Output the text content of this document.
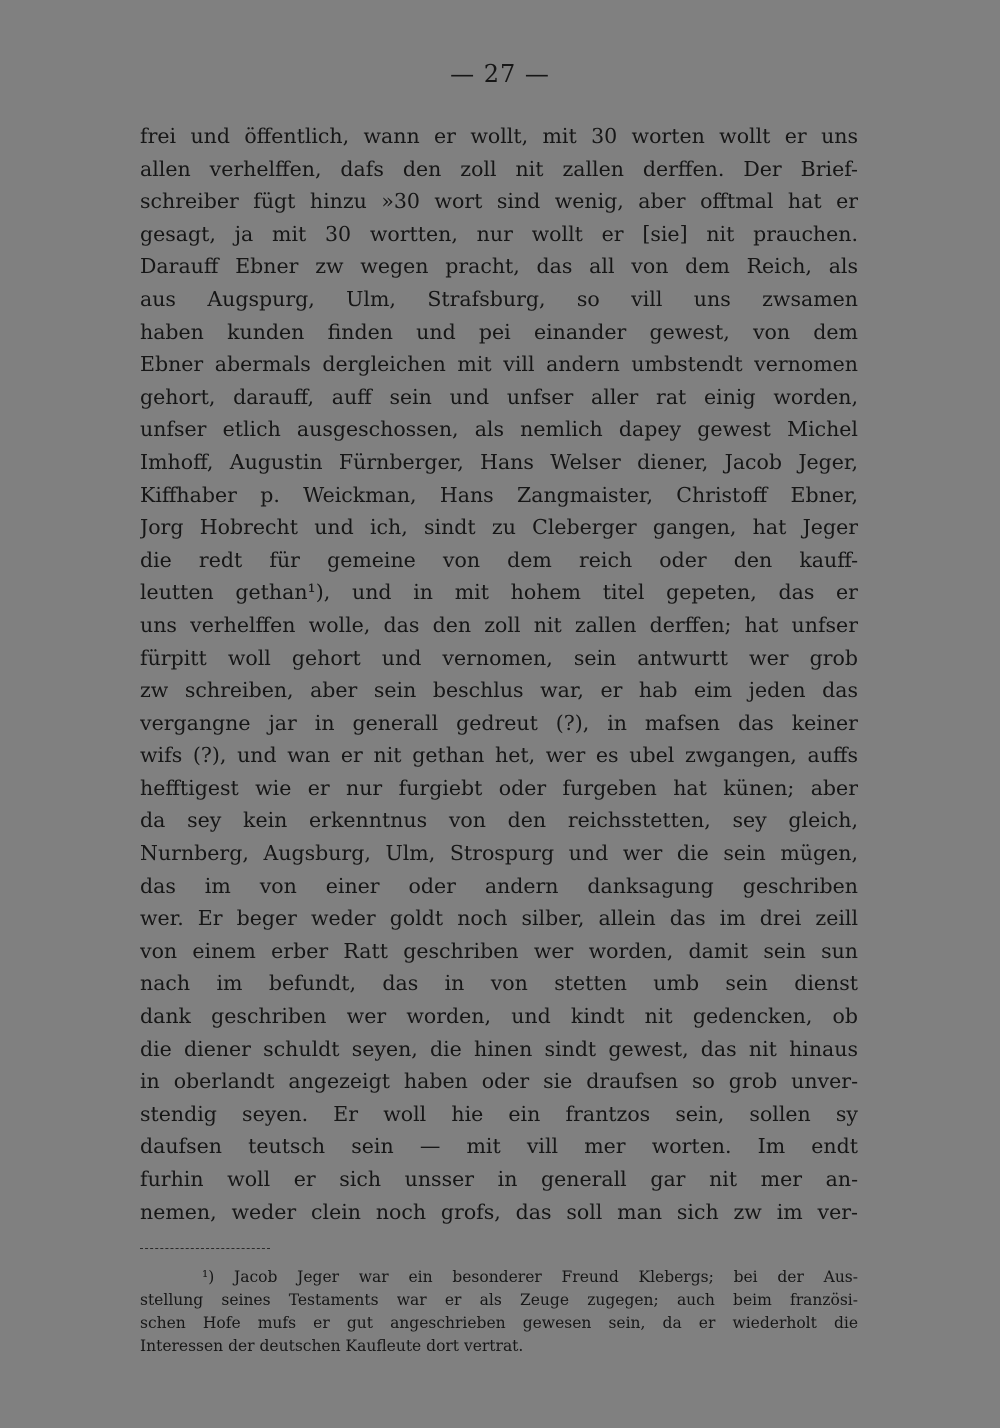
— 27 —
frei und öffentlich, wann er wollt, mit 30 worten wollt er uns
allen verhelffen, dafs den zoll nit zallen derffen. Der Brief-
schreiber fügt hinzu »30 wort sind wenig, aber offtmal hat er
gesagt, ja mit 30 wortten, nur wollt er [sie] nit prauchen.
Darauff Ebner zw wegen pracht, das all von dem Reich, als
aus Augspurg, Ulm, Strafsburg, so vill uns zwsamen
haben kunden finden und pei einander gewest, von dem
Ebner abermals dergleichen mit vill andern umbstendt vernomen
gehort, darauff, auff sein und unfser aller rat einig worden,
unfser etlich ausgeschossen, als nemlich dapey gewest Michel
Imhoff, Augustin Fürnberger, Hans Welser diener, Jacob Jeger,
Kiffhaber p. Weickman, Hans Zangmaister, Christoff Ebner,
Jorg Hobrecht und ich, sindt zu Cleberger gangen, hat Jeger
die redt für gemeine von dem reich oder den kauff-
leutten gethan¹), und in mit hohem titel gepeten, das er
uns verhelffen wolle, das den zoll nit zallen derffen; hat unfser
fürpitt woll gehort und vernomen, sein antwurtt wer grob
zw schreiben, aber sein beschlus war, er hab eim jeden das
vergangne jar in generall gedreut (?), in mafsen das keiner
wifs (?), und wan er nit gethan het, wer es ubel zwgangen, auffs
hefftigest wie er nur furgiebt oder furgeben hat künen; aber
da sey kein erkenntnus von den reichsstetten, sey gleich,
Nurnberg, Augsburg, Ulm, Strospurg und wer die sein mügen,
das im von einer oder andern danksagung geschriben
wer. Er beger weder goldt noch silber, allein das im drei zeill
von einem erber Ratt geschriben wer worden, damit sein sun
nach im befundt, das in von stetten umb sein dienst
dank geschriben wer worden, und kindt nit gedencken, ob
die diener schuldt seyen, die hinen sindt gewest, das nit hinaus
in oberlandt angezeigt haben oder sie draufsen so grob unver-
stendig seyen. Er woll hie ein frantzos sein, sollen sy
daufsen teutsch sein — mit vill mer worten. Im endt
furhin woll er sich unsser in generall gar nit mer an-
nemen, weder clein noch grofs, das soll man sich zw im ver-
¹) Jacob Jeger war ein besonderer Freund Klebergs; bei der Aus-
stellung seines Testaments war er als Zeuge zugegen; auch beim französi-
schen Hofe mufs er gut angeschrieben gewesen sein, da er wiederholt die
Interessen der deutschen Kaufleute dort vertrat.
